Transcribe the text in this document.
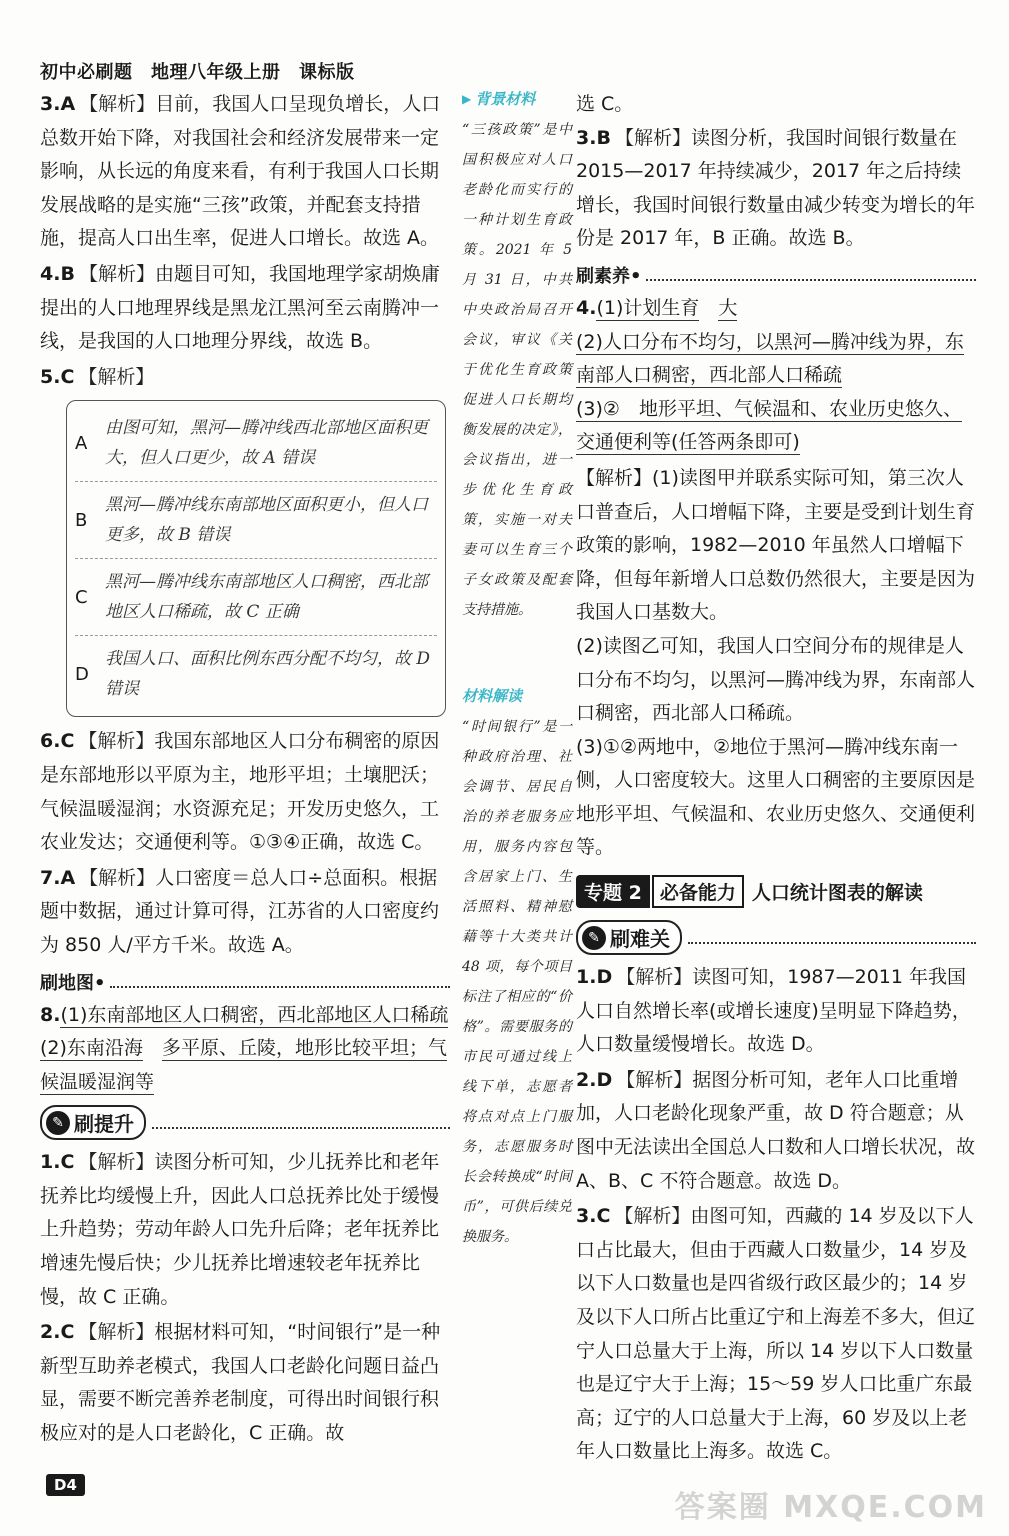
初中必刷题　地理八年级上册　课标版
3.A 【解析】目前，我国人口呈现负增长，人口总数开始下降，对我国社会和经济发展带来一定影响，从长远的角度来看，有利于我国人口长期发展战略的是实施“三孩”政策，并配套支持措施，提高人口出生率，促进人口增长。故选 A。
4.B 【解析】由题目可知，我国地理学家胡焕庸提出的人口地理界线是黑龙江黑河至云南腾冲一线，是我国的人口地理分界线，故选 B。
5.C 【解析】
A
由图可知，黑河—腾冲线西北部地区面积更大，但人口更少，故 A 错误
B
黑河—腾冲线东南部地区面积更小，但人口更多，故 B 错误
C
黑河—腾冲线东南部地区人口稠密，西北部地区人口稀疏，故 C 正确
D
我国人口、面积比例东西分配不均匀，故 D 错误
6.C 【解析】我国东部地区人口分布稠密的原因是东部地形以平原为主，地形平坦；土壤肥沃；气候温暖湿润；水资源充足；开发历史悠久，工农业发达；交通便利等。①③④正确，故选 C。
7.A 【解析】人口密度＝总人口÷总面积。根据题中数据，通过计算可得，江苏省的人口密度约为 850 人/平方千米。故选 A。
刷地图•
8.(1)东南部地区人口稠密，西北部地区人口稀疏
(2)东南沿海　 多平原、丘陵，地形比较平坦；气候温暖湿润等
✎ 刷提升
1.C 【解析】读图分析可知，少儿抚养比和老年抚养比均缓慢上升，因此人口总抚养比处于缓慢上升趋势；劳动年龄人口先升后降；老年抚养比增速先慢后快；少儿抚养比增速较老年抚养比慢，故 C 正确。
2.C 【解析】根据材料可知，“时间银行”是一种新型互助养老模式，我国人口老龄化问题日益凸显，需要不断完善养老制度，可得出时间银行积极应对的是人口老龄化，C 正确。故
▶ 背景材料
“三孩政策”是中国积极应对人口老龄化而实行的一种计划生育政策。2021 年 5 月 31 日，中共中央政治局召开会议，审议《关于优化生育政策促进人口长期均衡发展的决定》，会议指出，进一步优化生育政策，实施一对夫妻可以生育三个子女政策及配套支持措施。
材料解读
“时间银行”是一种政府治理、社会调节、居民自治的养老服务应用，服务内容包含居家上门、生活照料、精神慰藉等十大类共计 48 项，每个项目标注了相应的“价格”。需要服务的市民可通过线上线下单，志愿者将点对点上门服务，志愿服务时长会转换成“时间币”，可供后续兑换服务。
选 C。
3.B 【解析】读图分析，我国时间银行数量在 2015—2017 年持续减少，2017 年之后持续增长，我国时间银行数量由减少转变为增长的年份是 2017 年，B 正确。故选 B。
刷素养•
4.(1)计划生育　 大
(2)人口分布不均匀，以黑河—腾冲线为界，东南部人口稠密，西北部人口稀疏
(3)②　地形平坦、气候温和、农业历史悠久、交通便利等(任答两条即可)
【解析】(1)读图甲并联系实际可知，第三次人口普查后，人口增幅下降，主要是受到计划生育政策的影响，1982—2010 年虽然人口增幅下降，但每年新增人口总数仍然很大，主要是因为我国人口基数大。
(2)读图乙可知，我国人口空间分布的规律是人口分布不均匀，以黑河—腾冲线为界，东南部人口稠密，西北部人口稀疏。
(3)①②两地中，②地位于黑河—腾冲线东南一侧，人口密度较大。这里人口稠密的主要原因是地形平坦、气候温和、农业历史悠久、交通便利等。
专题 2 必备能力 人口统计图表的解读
✎ 刷难关
1.D 【解析】读图可知，1987—2011 年我国人口自然增长率(或增长速度)呈明显下降趋势，人口数量缓慢增长。故选 D。
2.D 【解析】据图分析可知，老年人口比重增加，人口老龄化现象严重，故 D 符合题意；从图中无法读出全国总人口数和人口增长状况，故 A、B、C 不符合题意。故选 D。
3.C 【解析】由图可知，西藏的 14 岁及以下人口占比最大，但由于西藏人口数量少，14 岁及以下人口数量也是四省级行政区最少的；14 岁及以下人口所占比重辽宁和上海差不多大，但辽宁人口总量大于上海，所以 14 岁以下人口数量也是辽宁大于上海；15～59 岁人口比重广东最高；辽宁的人口总量大于上海，60 岁及以上老年人口数量比上海多。故选 C。
D4
答案圈 MXQE.COM
